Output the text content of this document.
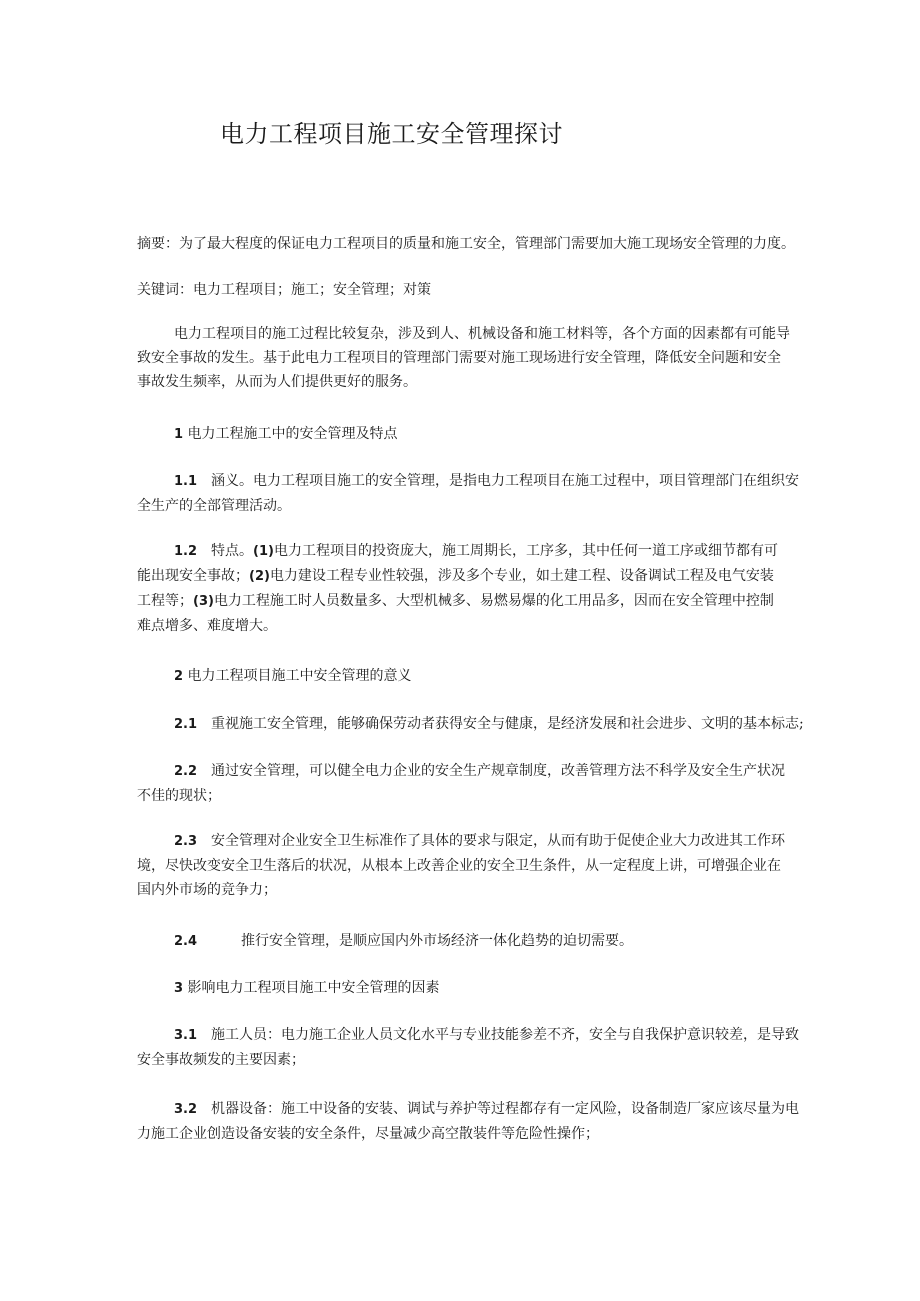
电力工程项目施工安全管理探讨

摘要：为了最大程度的保证电力工程项目的质量和施工安全，管理部门需要加大施工现场安全管理的力度。

关键词：电力工程项目；施工；安全管理；对策

电力工程项目的施工过程比较复杂，涉及到人、机械设备和施工材料等，各个方面的因素都有可能导

致安全事故的发生。基于此电力工程项目的管理部门需要对施工现场进行安全管理，降低安全问题和安全

事故发生频率，从而为人们提供更好的服务。

1 电力工程施工中的安全管理及特点

1.1 涵义。电力工程项目施工的安全管理，是指电力工程项目在施工过程中，项目管理部门在组织安

全生产的全部管理活动。

1.2 特点。(1)电力工程项目的投资庞大，施工周期长，工序多，其中任何一道工序或细节都有可

能出现安全事故；(2)电力建设工程专业性较强，涉及多个专业，如土建工程、设备调试工程及电气安装

工程等；(3)电力工程施工时人员数量多、大型机械多、易燃易爆的化工用品多，因而在安全管理中控制

难点增多、难度增大。

2 电力工程项目施工中安全管理的意义

2.1 重视施工安全管理，能够确保劳动者获得安全与健康，是经济发展和社会进步、文明的基本标志;

2.2 通过安全管理，可以健全电力企业的安全生产规章制度，改善管理方法不科学及安全生产状况

不佳的现状；

2.3 安全管理对企业安全卫生标准作了具体的要求与限定，从而有助于促使企业大力改进其工作环

境，尽快改变安全卫生落后的状况，从根本上改善企业的安全卫生条件，从一定程度上讲，可增强企业在

国内外市场的竞争力；

2.4	推行安全管理，是顺应国内外市场经济一体化趋势的迫切需要。

3 影响电力工程项目施工中安全管理的因素

3.1 施工人员：电力施工企业人员文化水平与专业技能参差不齐，安全与自我保护意识较差，是导致

安全事故频发的主要因素；

3.2 机器设备：施工中设备的安装、调试与养护等过程都存有一定风险，设备制造厂家应该尽量为电

力施工企业创造设备安装的安全条件，尽量减少高空散装件等危险性操作；
